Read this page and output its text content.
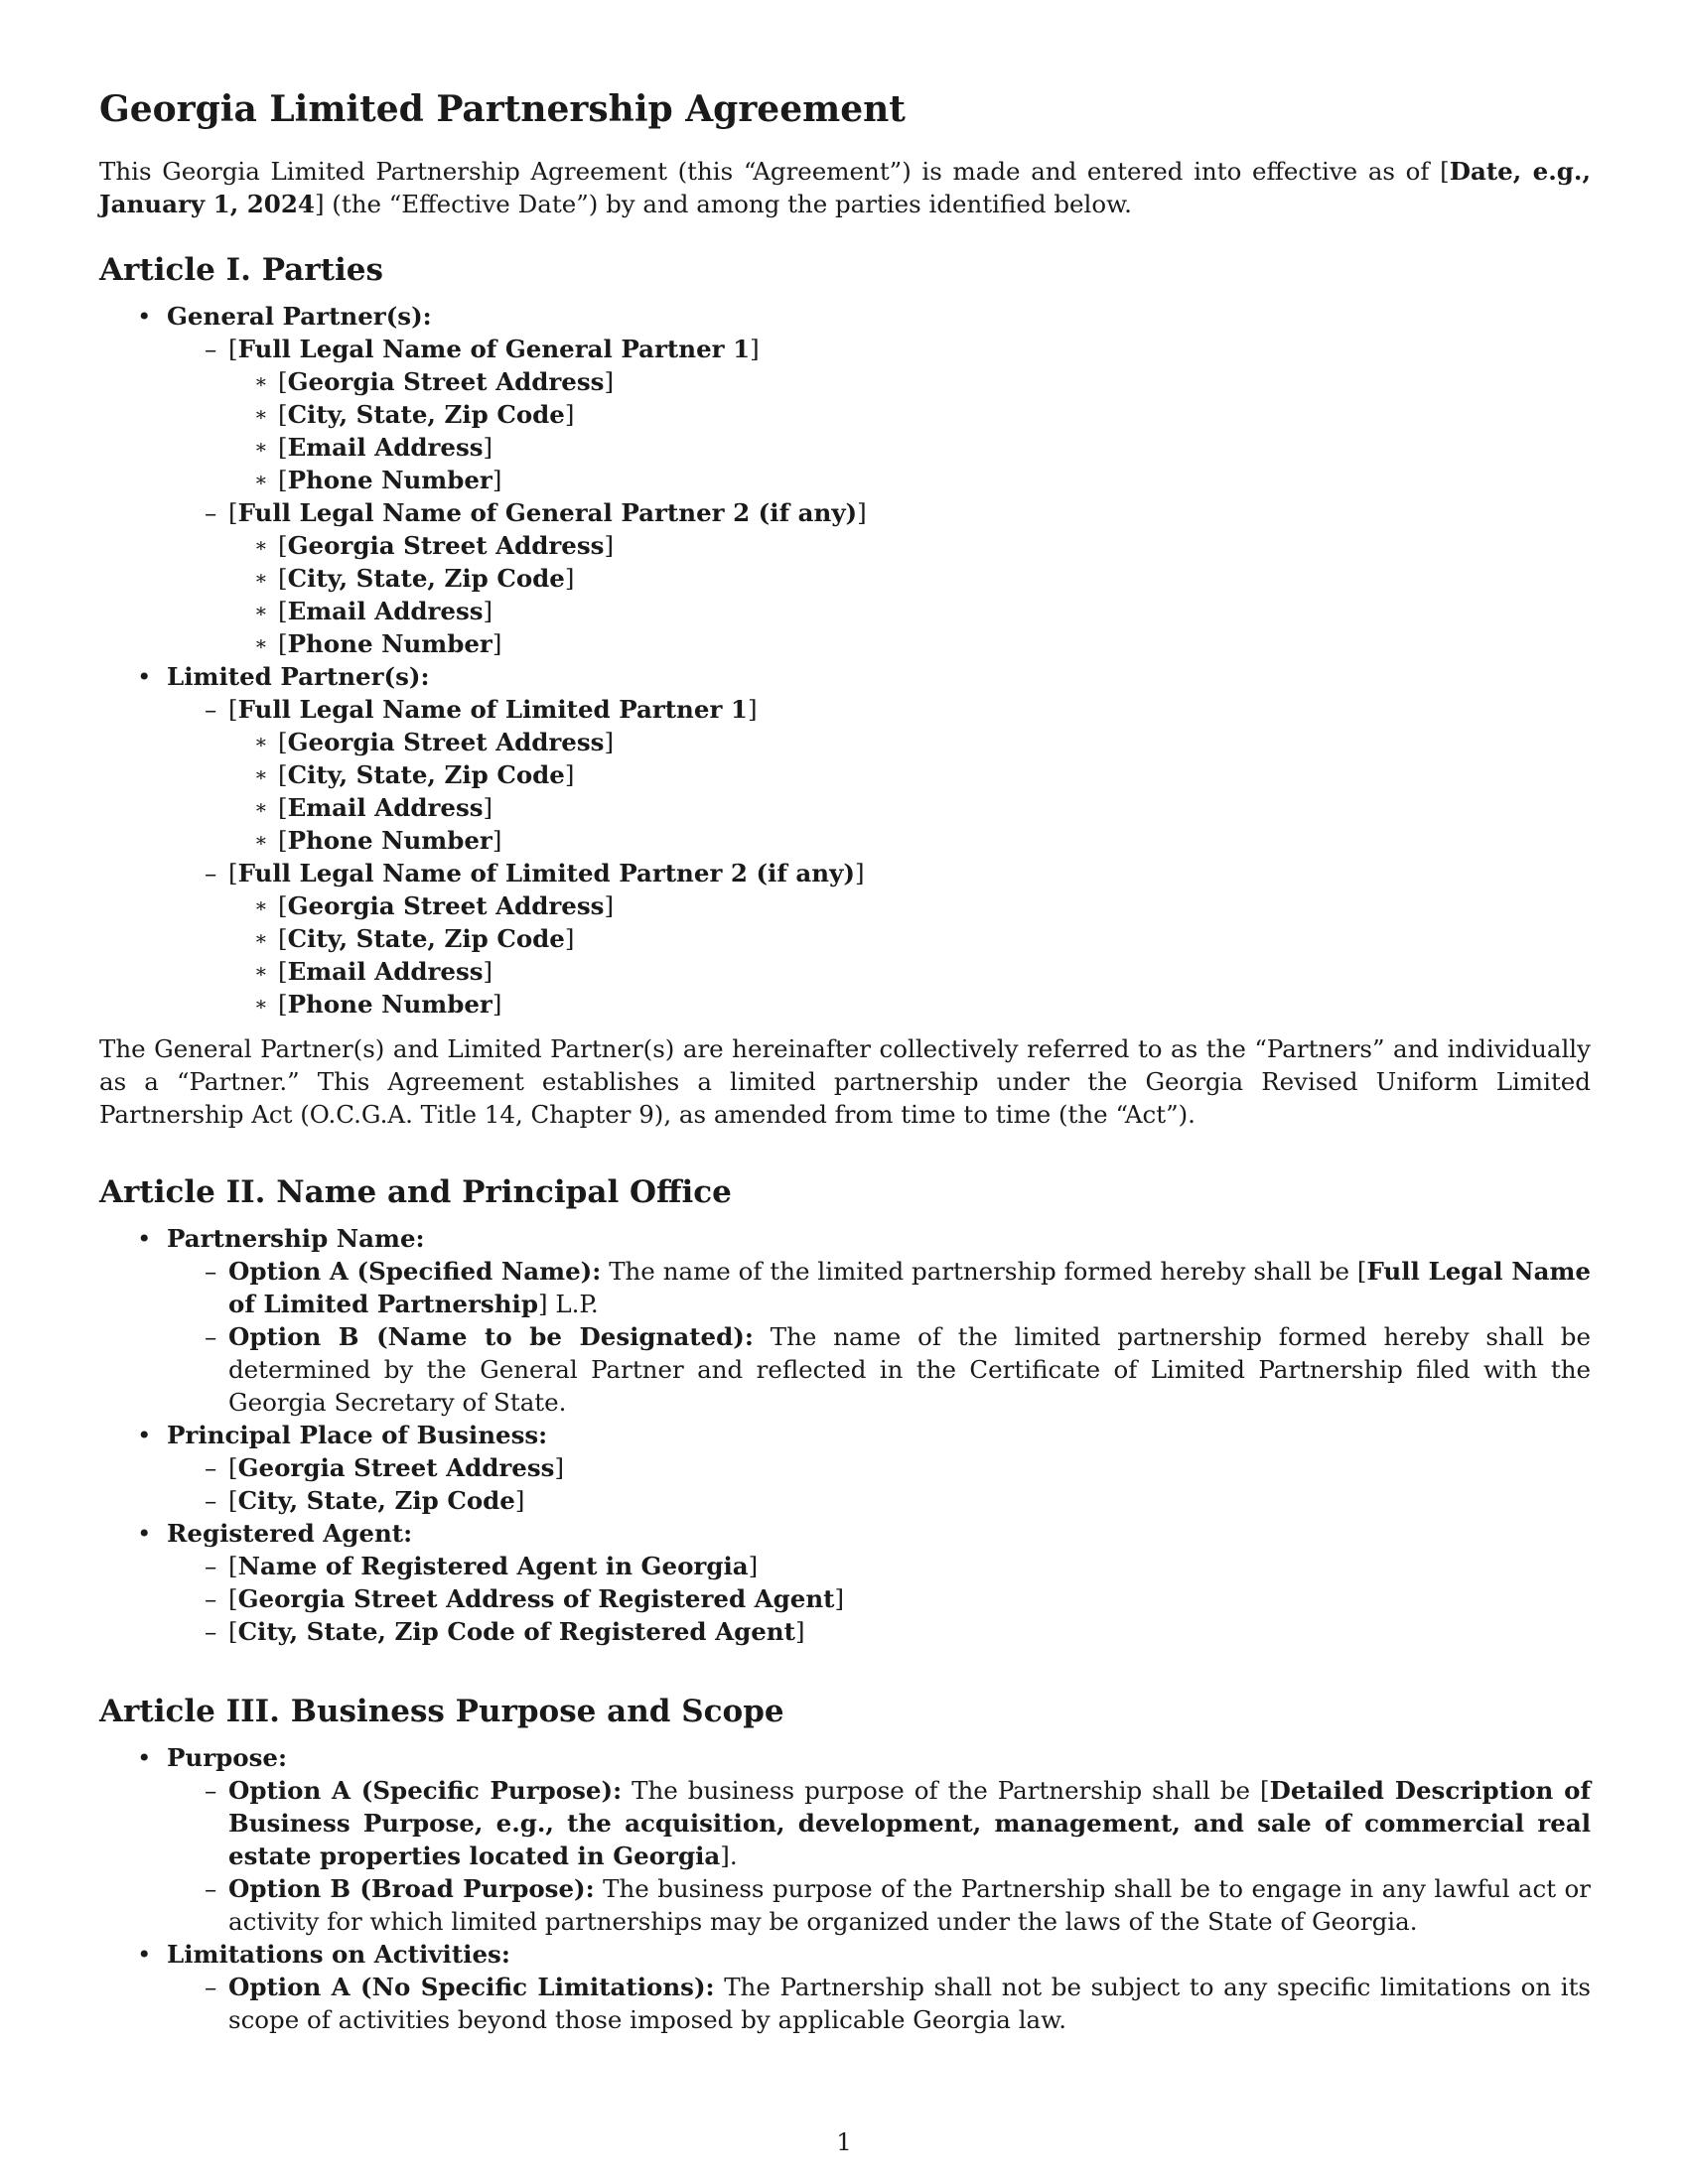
Georgia Limited Partnership Agreement

This Georgia Limited Partnership Agreement (this “Agreement”) is made and entered into effective as of [Date, e.g., January 1, 2024] (the “Effective Date”) by and among the parties identified below.

Article I. Parties
• General Partner(s):
– [Full Legal Name of General Partner 1]
∗ [Georgia Street Address]
∗ [City, State, Zip Code]
∗ [Email Address]
∗ [Phone Number]
– [Full Legal Name of General Partner 2 (if any)]
∗ [Georgia Street Address]
∗ [City, State, Zip Code]
∗ [Email Address]
∗ [Phone Number]
• Limited Partner(s):
– [Full Legal Name of Limited Partner 1]
∗ [Georgia Street Address]
∗ [City, State, Zip Code]
∗ [Email Address]
∗ [Phone Number]
– [Full Legal Name of Limited Partner 2 (if any)]
∗ [Georgia Street Address]
∗ [City, State, Zip Code]
∗ [Email Address]
∗ [Phone Number]

The General Partner(s) and Limited Partner(s) are hereinafter collectively referred to as the “Partners” and individually as a “Partner.” This Agreement establishes a limited partnership under the Georgia Revised Uniform Limited Partnership Act (O.C.G.A. Title 14, Chapter 9), as amended from time to time (the “Act”).

Article II. Name and Principal Office
• Partnership Name:
– Option A (Specified Name): The name of the limited partnership formed hereby shall be [Full Legal Name of Limited Partnership] L.P.
– Option B (Name to be Designated): The name of the limited partnership formed hereby shall be determined by the General Partner and reflected in the Certificate of Limited Partnership filed with the Georgia Secretary of State.
• Principal Place of Business:
– [Georgia Street Address]
– [City, State, Zip Code]
• Registered Agent:
– [Name of Registered Agent in Georgia]
– [Georgia Street Address of Registered Agent]
– [City, State, Zip Code of Registered Agent]
Article III. Business Purpose and Scope
• Purpose:
– Option A (Specific Purpose): The business purpose of the Partnership shall be [Detailed Description of Business Purpose, e.g., the acquisition, development, management, and sale of commercial real estate properties located in Georgia].
– Option B (Broad Purpose): The business purpose of the Partnership shall be to engage in any lawful act or activity for which limited partnerships may be organized under the laws of the State of Georgia.
• Limitations on Activities:
– Option A (No Specific Limitations): The Partnership shall not be subject to any specific limitations on its scope of activities beyond those imposed by applicable Georgia law.
1
